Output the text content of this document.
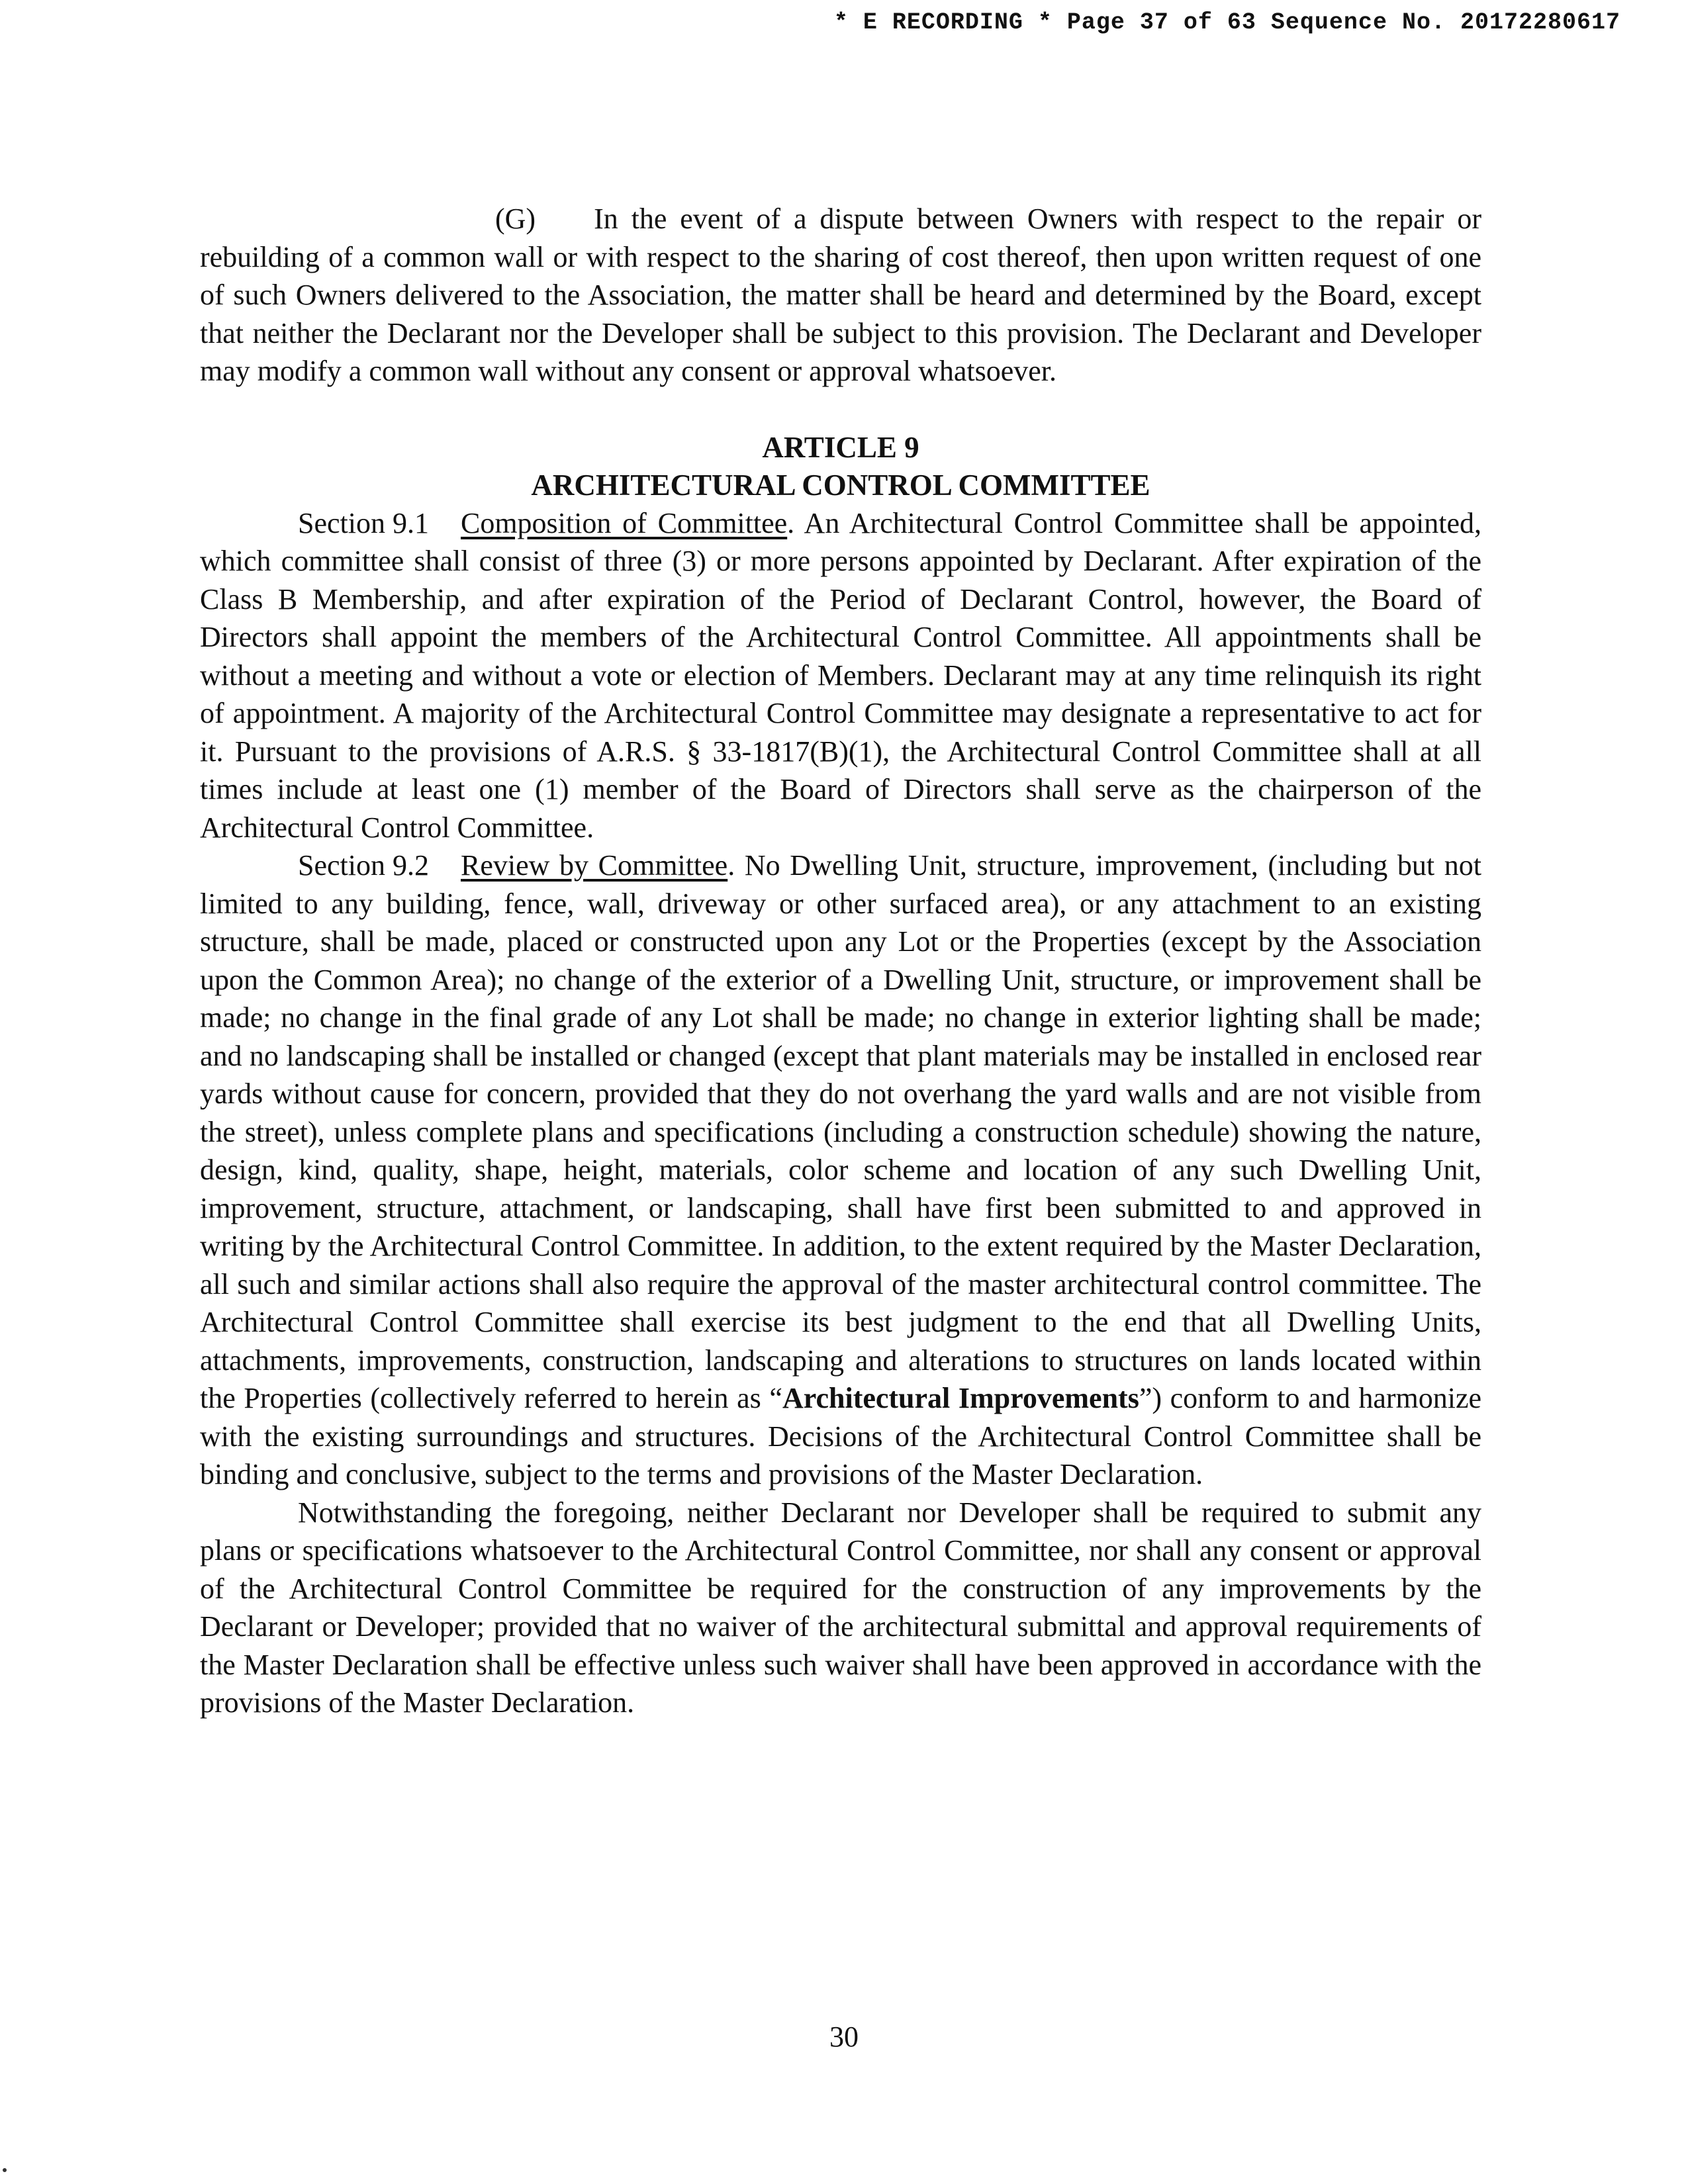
* E RECORDING * Page 37 of 63 Sequence No. 20172280617

(G)  In the event of a dispute between Owners with respect to the repair or rebuilding of a common wall or with respect to the sharing of cost thereof, then upon written request of one of such Owners delivered to the Association, the matter shall be heard and determined by the Board, except that neither the Declarant nor the Developer shall be subject to this provision. The Declarant and Developer may modify a common wall without any consent or approval whatsoever.

ARTICLE 9
ARCHITECTURAL CONTROL COMMITTEE

Section 9.1 Composition of Committee. An Architectural Control Committee shall be appointed, which committee shall consist of three (3) or more persons appointed by Declarant. After expiration of the Class B Membership, and after expiration of the Period of Declarant Control, however, the Board of Directors shall appoint the members of the Architectural Control Committee. All appointments shall be without a meeting and without a vote or election of Members. Declarant may at any time relinquish its right of appointment. A majority of the Architectural Control Committee may designate a representative to act for it. Pursuant to the provisions of A.R.S. § 33-1817(B)(1), the Architectural Control Committee shall at all times include at least one (1) member of the Board of Directors shall serve as the chairperson of the Architectural Control Committee.

Section 9.2 Review by Committee. No Dwelling Unit, structure, improvement, (including but not limited to any building, fence, wall, driveway or other surfaced area), or any attachment to an existing structure, shall be made, placed or constructed upon any Lot or the Properties (except by the Association upon the Common Area); no change of the exterior of a Dwelling Unit, structure, or improvement shall be made; no change in the final grade of any Lot shall be made; no change in exterior lighting shall be made; and no landscaping shall be installed or changed (except that plant materials may be installed in enclosed rear yards without cause for concern, provided that they do not overhang the yard walls and are not visible from the street), unless complete plans and specifications (including a construction schedule) showing the nature, design, kind, quality, shape, height, materials, color scheme and location of any such Dwelling Unit, improvement, structure, attachment, or landscaping, shall have first been submitted to and approved in writing by the Architectural Control Committee. In addition, to the extent required by the Master Declaration, all such and similar actions shall also require the approval of the master architectural control committee. The Architectural Control Committee shall exercise its best judgment to the end that all Dwelling Units, attachments, improvements, construction, landscaping and alterations to structures on lands located within the Properties (collectively referred to herein as “Architectural Improvements”) conform to and harmonize with the existing surroundings and structures. Decisions of the Architectural Control Committee shall be binding and conclusive, subject to the terms and provisions of the Master Declaration.

Notwithstanding the foregoing, neither Declarant nor Developer shall be required to submit any plans or specifications whatsoever to the Architectural Control Committee, nor shall any consent or approval of the Architectural Control Committee be required for the construction of any improvements by the Declarant or Developer; provided that no waiver of the architectural submittal and approval requirements of the Master Declaration shall be effective unless such waiver shall have been approved in accordance with the provisions of the Master Declaration.

30
